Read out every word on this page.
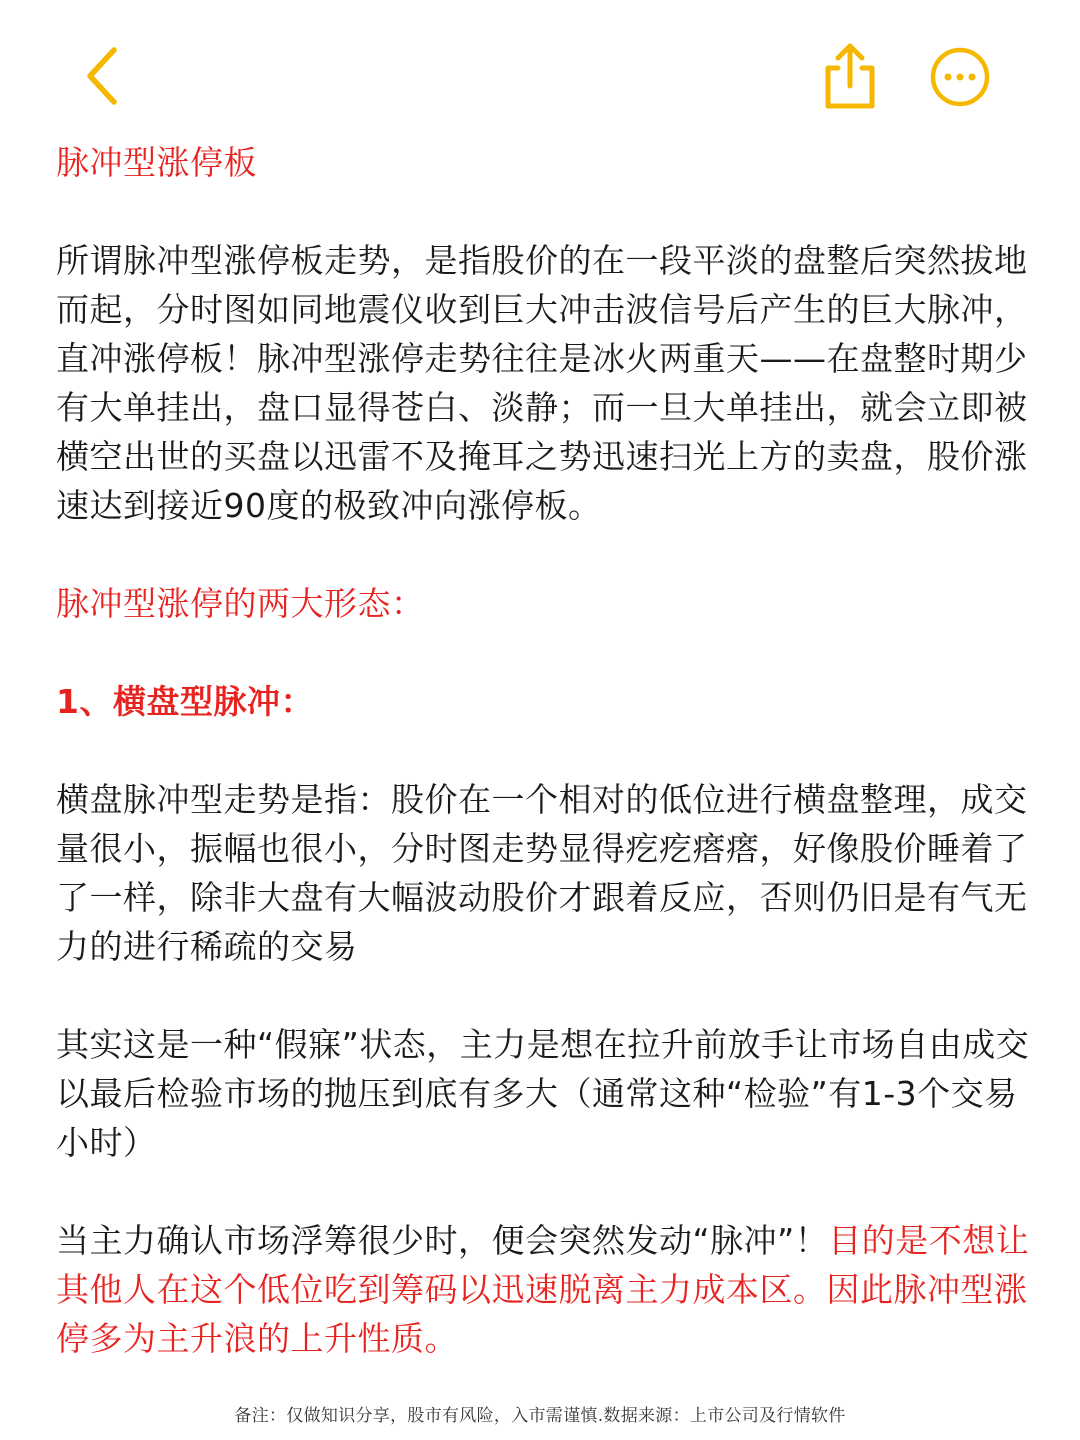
脉冲型涨停板

所谓脉冲型涨停板走势，是指股价的在一段平淡的盘整后突然拔地而起，分时图如同地震仪收到巨大冲击波信号后产生的巨大脉冲，直冲涨停板！脉冲型涨停走势往往是冰火两重天——在盘整时期少有大单挂出，盘口显得苍白、淡静；而一旦大单挂出，就会立即被横空出世的买盘以迅雷不及掩耳之势迅速扫光上方的卖盘，股价涨速达到接近90度的极致冲向涨停板。

脉冲型涨停的两大形态：

1、横盘型脉冲：

横盘脉冲型走势是指：股价在一个相对的低位进行横盘整理，成交量很小，振幅也很小，分时图走势显得疙疙瘩瘩，好像股价睡着了了一样，除非大盘有大幅波动股价才跟着反应，否则仍旧是有气无力的进行稀疏的交易

其实这是一种“假寐”状态，主力是想在拉升前放手让市场自由成交以最后检验市场的抛压到底有多大（通常这种“检验”有1-3个交易小时）

当主力确认市场浮筹很少时，便会突然发动“脉冲”！目的是不想让其他人在这个低位吃到筹码以迅速脱离主力成本区。因此脉冲型涨停多为主升浪的上升性质。

备注：仅做知识分享，股市有风险，入市需谨慎.数据来源：上市公司及行情软件
